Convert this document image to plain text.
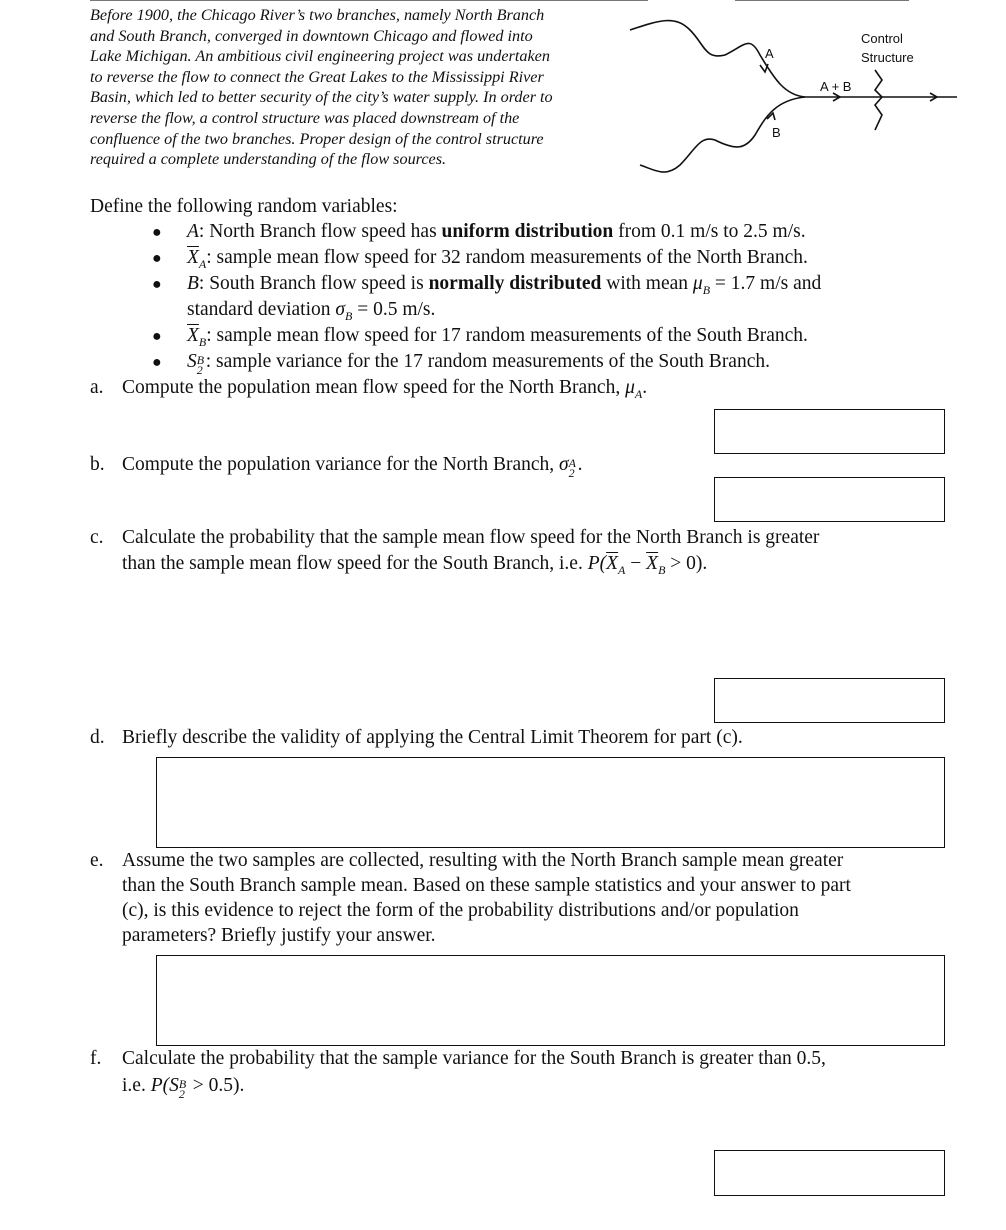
Before 1900, the Chicago River’s two branches, namely North Branch
and South Branch, converged in downtown Chicago and flowed into
Lake Michigan. An ambitious civil engineering project was undertaken
to reverse the flow to connect the Great Lakes to the Mississippi River
Basin, which led to better security of the city’s water supply. In order to
reverse the flow, a control structure was placed downstream of the
confluence of the two branches. Proper design of the control structure
required a complete understanding of the flow sources.
A
B
A + B
Control
Structure
Define the following random variables:
● A: North Branch flow speed has uniform distribution from 0.1 m/s to 2.5 m/s.
● $\overline{X}_A$: sample mean flow speed for 32 random measurements of the North Branch.
● B: South Branch flow speed is normally distributed with mean $\mu_B = 1.7$ m/s and
standard deviation $\sigma_B = 0.5$ m/s.
● $\overline{X}_B$: sample mean flow speed for 17 random measurements of the South Branch.
● S 2
B : sample variance for the 17 random measurements of the South Branch.
a. Compute the population mean flow speed for the North Branch, $\mu_A$.
b. Compute the population variance for the North Branch, σ 2
A .
c. Calculate the probability that the sample mean flow speed for the North Branch is greater
than the sample mean flow speed for the South Branch, i.e. $P(\overline{X}_A - \overline{X}_B > 0)$.
d. Briefly describe the validity of applying the Central Limit Theorem for part (c).
e. Assume the two samples are collected, resulting with the North Branch sample mean greater
than the South Branch sample mean. Based on these sample statistics and your answer to part
(c), is this evidence to reject the form of the probability distributions and/or population
parameters? Briefly justify your answer.
f. Calculate the probability that the sample variance for the South Branch is greater than 0.5,
i.e. P(S 2
B > 0.5).
